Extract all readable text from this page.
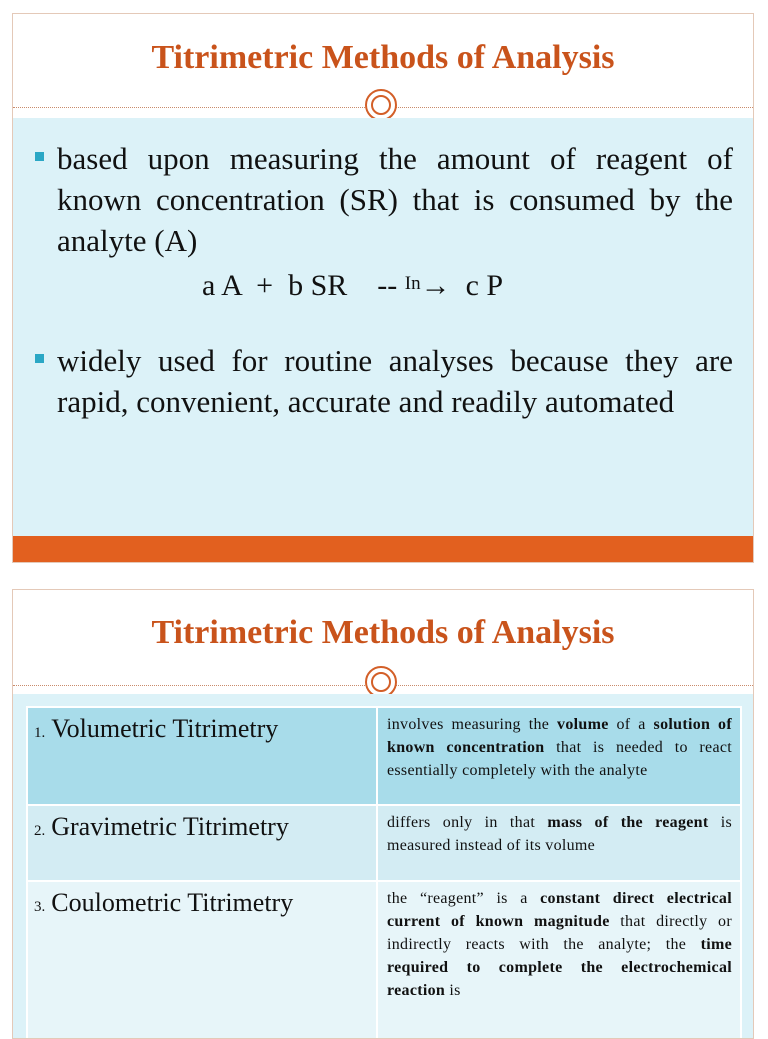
Titrimetric Methods of Analysis
based upon measuring the amount of reagent of known concentration (SR) that is consumed by the analyte (A)
a A  +  b SR    -- $^{In}$→  c P
widely used for routine analyses because they are rapid, convenient, accurate and readily automated
Titrimetric Methods of Analysis
1. Volumetric Titrimetry	involves measuring the volume of a solution of known concentration that is needed to react essentially completely with the analyte

2. Gravimetric Titrimetry	differs only in that mass of the reagent is measured instead of its volume

3. Coulometric Titrimetry	the “reagent” is a constant direct electrical current of known magnitude that directly or indirectly reacts with the analyte; the time required to complete the electrochemical reaction is
